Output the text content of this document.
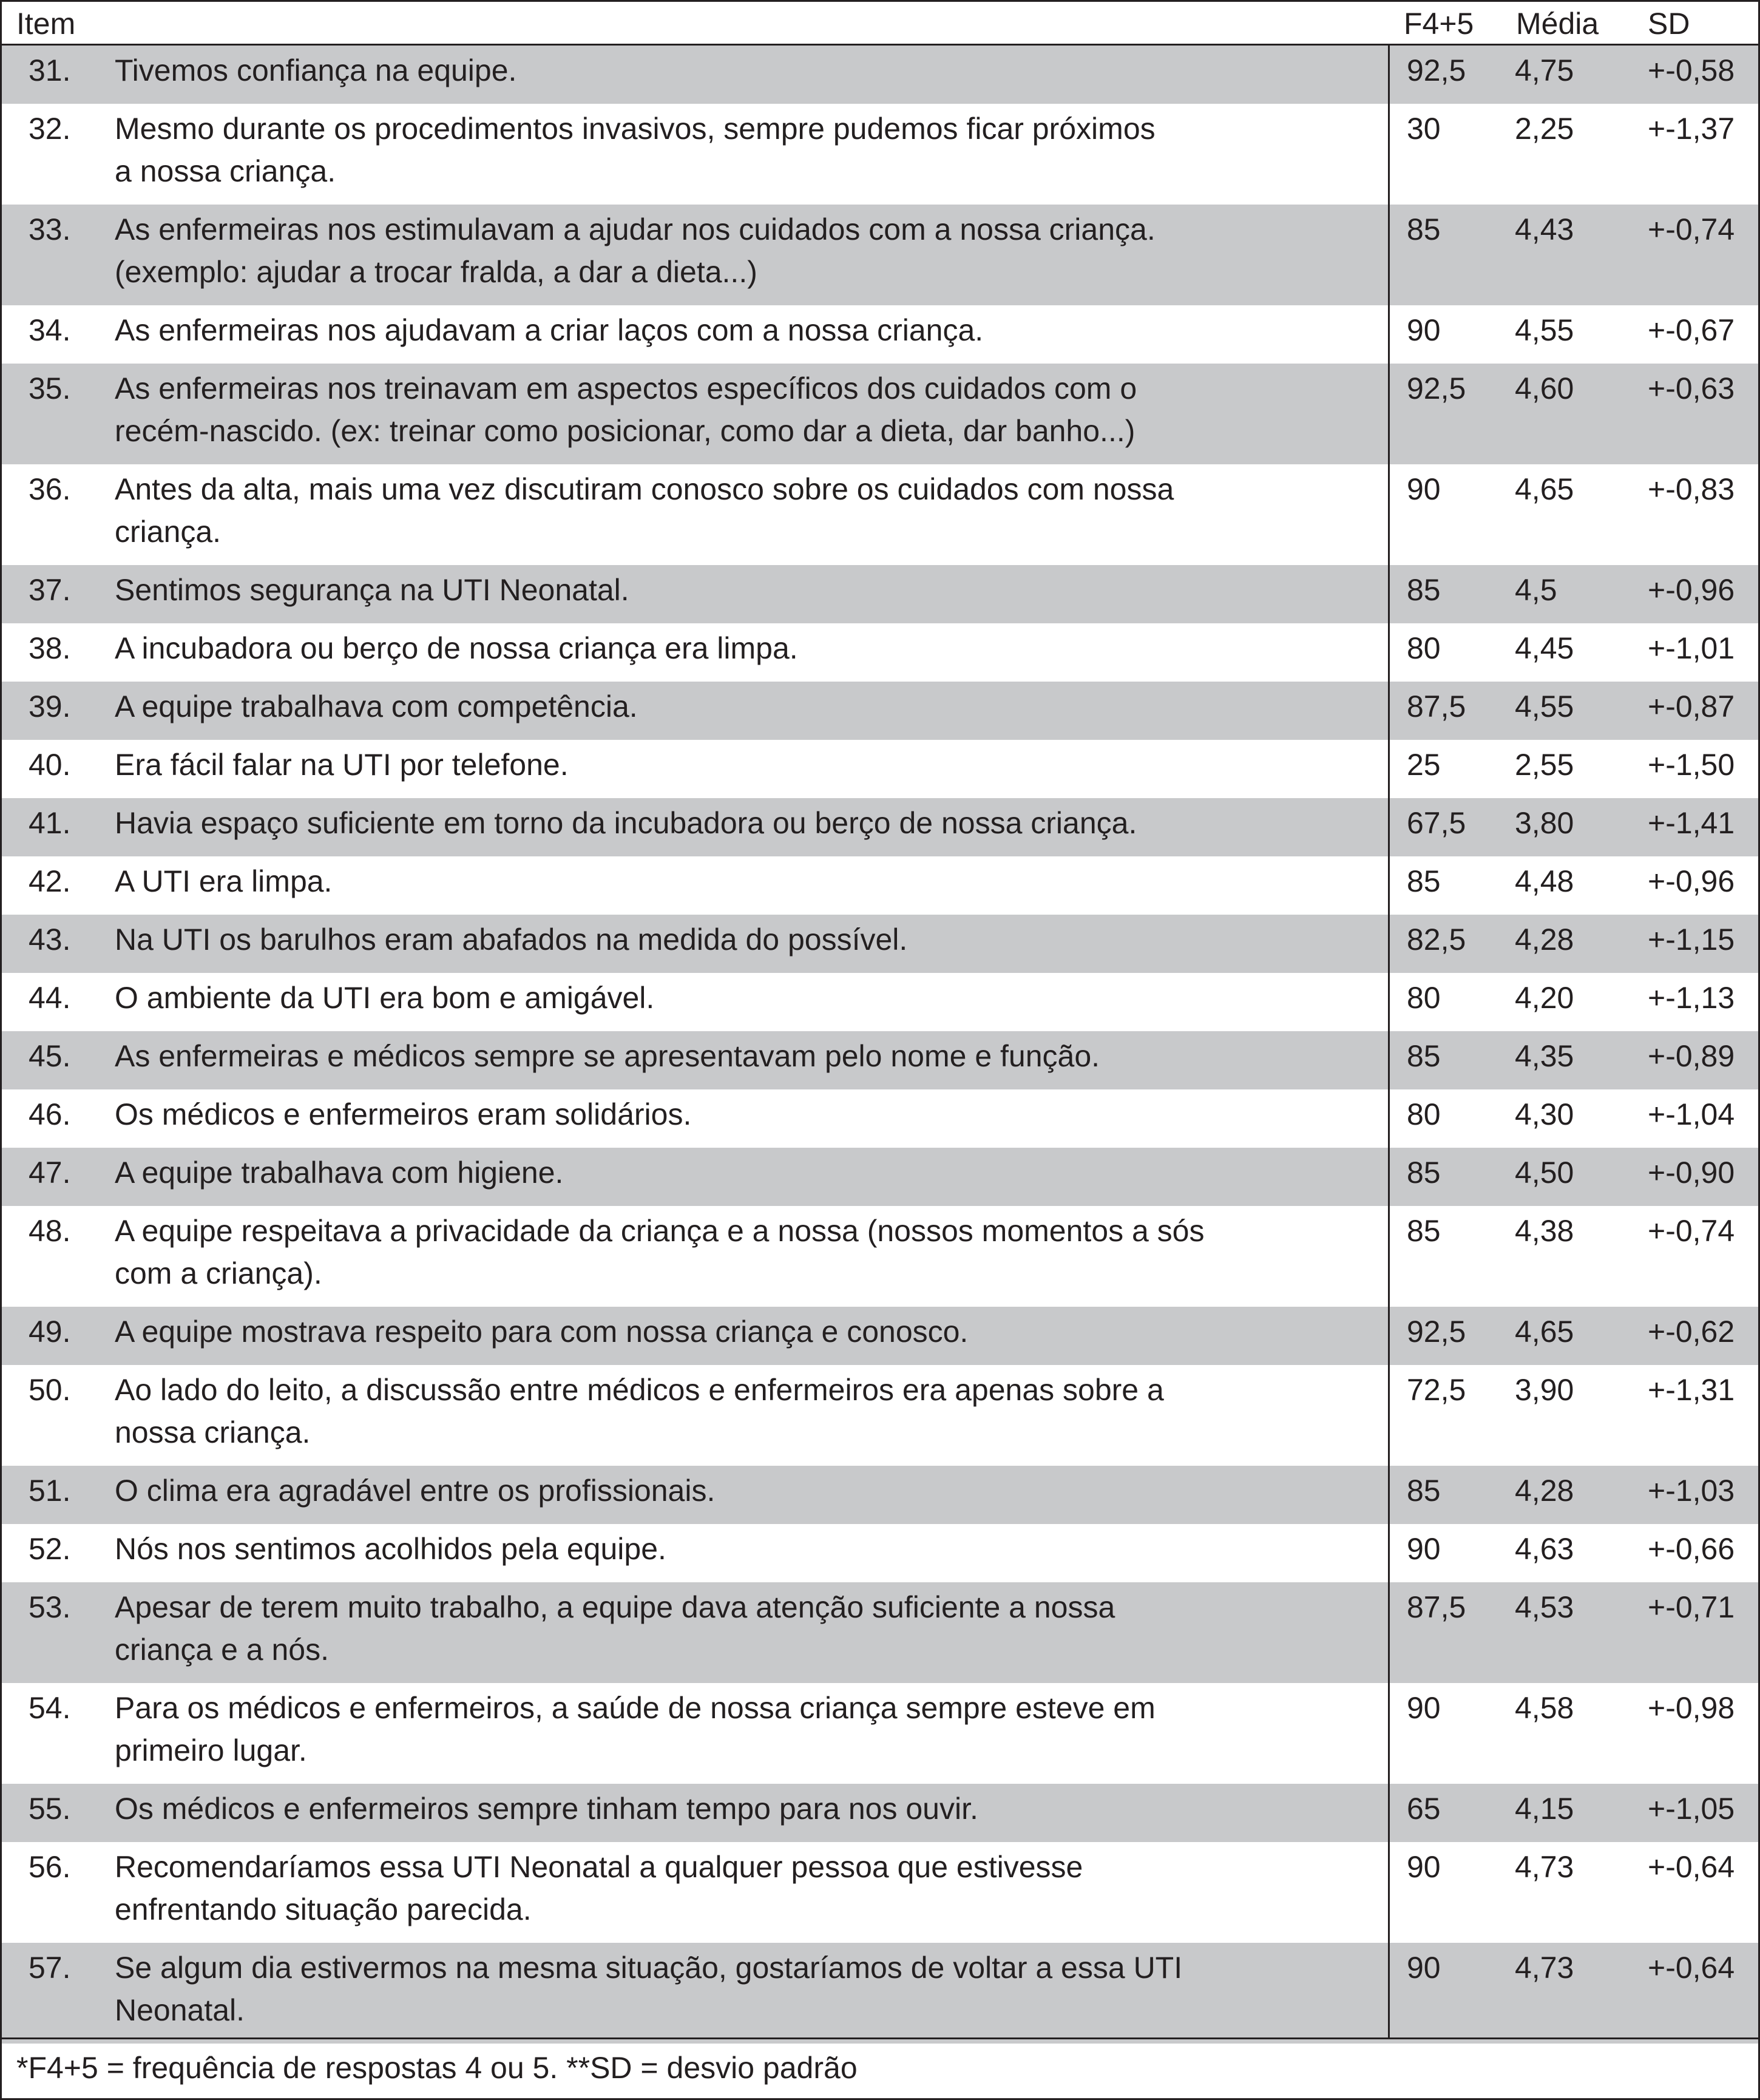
Item	F4+5 Média SD
31. Tivemos confiança na equipe.	92,5 4,75 +-0,58
32. Mesmo durante os procedimentos invasivos, sempre pudemos ficar próximos
a nossa criança.
30 2,25 +-1,37
33. As enfermeiras nos estimulavam a ajudar nos cuidados com a nossa criança.
(exemplo: ajudar a trocar fralda, a dar a dieta...)
85 4,43 +-0,74
34. As enfermeiras nos ajudavam a criar laços com a nossa criança.	90 4,55 +-0,67
35. As enfermeiras nos treinavam em aspectos específicos dos cuidados com o
recém-nascido. (ex: treinar como posicionar, como dar a dieta, dar banho...)
92,5 4,60 +-0,63
36. Antes da alta, mais uma vez discutiram conosco sobre os cuidados com nossa
criança.
90 4,65 +-0,83
37. Sentimos segurança na UTI Neonatal.	85 4,5	+-0,96
38. A incubadora ou berço de nossa criança era limpa.	80 4,45 +-1,01
39. A equipe trabalhava com competência.	87,5 4,55 +-0,87
40. Era fácil falar na UTI por telefone.	25 2,55 +-1,50
41. Havia espaço suficiente em torno da incubadora ou berço de nossa criança.	67,5 3,80 +-1,41
42. A UTI era limpa.	85 4,48 +-0,96
43. Na UTI os barulhos eram abafados na medida do possível.	82,5 4,28 +-1,15
44. O ambiente da UTI era bom e amigável.	80 4,20 +-1,13
45. As enfermeiras e médicos sempre se apresentavam pelo nome e função.	85 4,35 +-0,89
46. Os médicos e enfermeiros eram solidários.	80 4,30 +-1,04
47. A equipe trabalhava com higiene.	85 4,50 +-0,90
48. A equipe respeitava a privacidade da criança e a nossa (nossos momentos a sós
com a criança).
85 4,38 +-0,74
49. A equipe mostrava respeito para com nossa criança e conosco.	92,5 4,65 +-0,62
50. Ao lado do leito, a discussão entre médicos e enfermeiros era apenas sobre a
nossa criança.
72,5 3,90 +-1,31
51. O clima era agradável entre os profissionais.	85 4,28 +-1,03
52. Nós nos sentimos acolhidos pela equipe.	90 4,63 +-0,66
53. Apesar de terem muito trabalho, a equipe dava atenção suficiente a nossa
criança e a nós.
87,5 4,53 +-0,71
54. Para os médicos e enfermeiros, a saúde de nossa criança sempre esteve em
primeiro lugar.
90 4,58 +-0,98
55. Os médicos e enfermeiros sempre tinham tempo para nos ouvir.	65 4,15 +-1,05
56. Recomendaríamos essa UTI Neonatal a qualquer pessoa que estivesse
enfrentando situação parecida.
90 4,73 +-0,64
57. Se algum dia estivermos na mesma situação, gostaríamos de voltar a essa UTI
Neonatal.
90 4,73 +-0,64
*F4+5 = frequência de respostas 4 ou 5. **SD = desvio padrão
